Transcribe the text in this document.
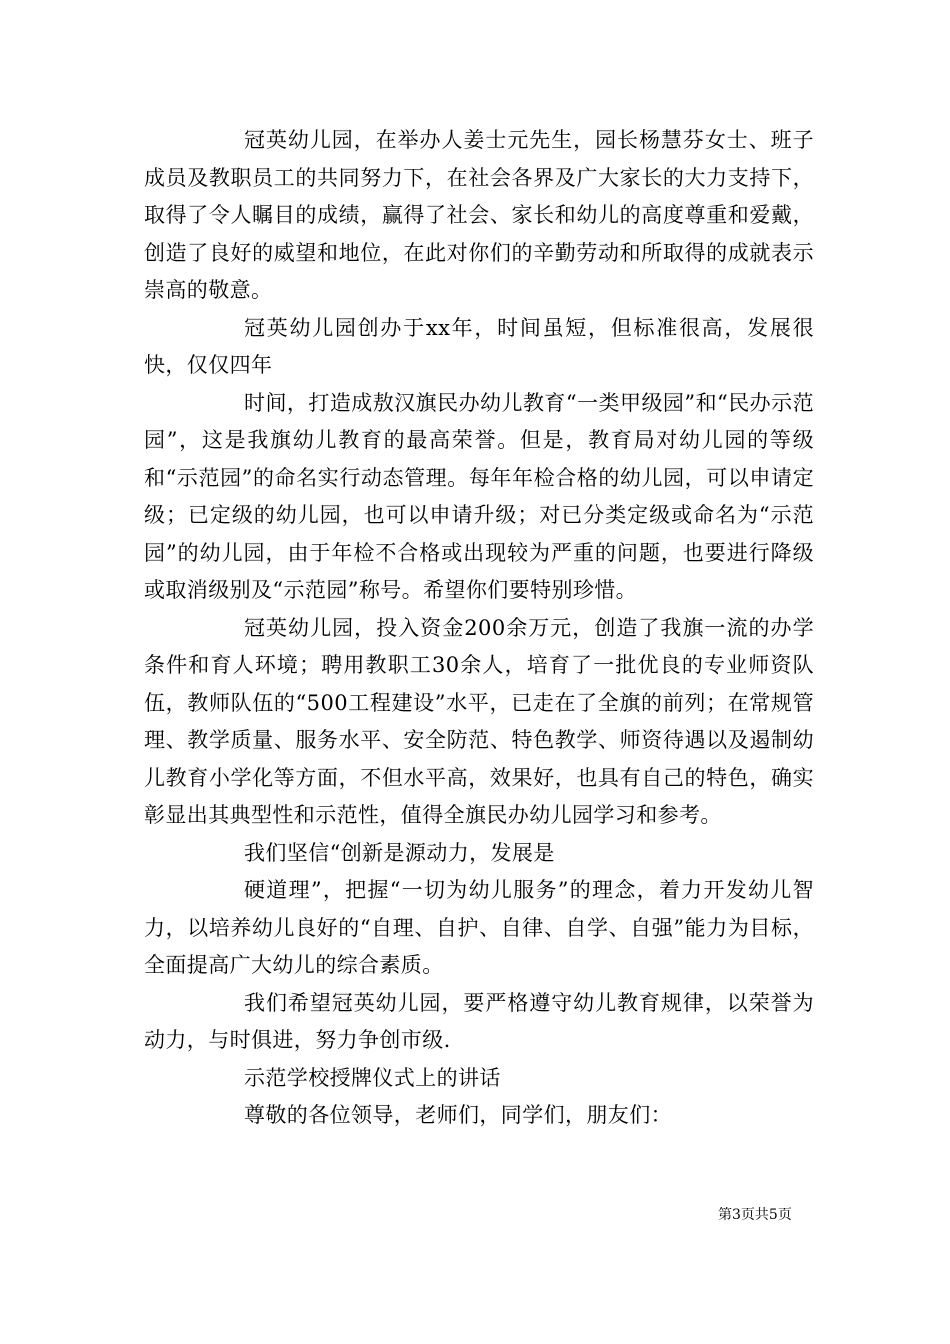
冠英幼儿园，在举办人姜士元先生，园长杨慧芬女士、班子成员及教职员工的共同努力下，在社会各界及广大家长的大力支持下，取得了令人瞩目的成绩，赢得了社会、家长和幼儿的高度尊重和爱戴，创造了良好的威望和地位，在此对你们的辛勤劳动和所取得的成就表示崇高的敬意。

冠英幼儿园创办于xx年，时间虽短，但标准很高，发展很快，仅仅四年

时间，打造成敖汉旗民办幼儿教育“一类甲级园”和“民办示范园”，这是我旗幼儿教育的最高荣誉。但是，教育局对幼儿园的等级和“示范园”的命名实行动态管理。每年年检合格的幼儿园，可以申请定级；已定级的幼儿园，也可以申请升级；对已分类定级或命名为“示范园”的幼儿园，由于年检不合格或出现较为严重的问题，也要进行降级或取消级别及“示范园”称号。希望你们要特别珍惜。

冠英幼儿园，投入资金200余万元，创造了我旗一流的办学条件和育人环境；聘用教职工30余人，培育了一批优良的专业师资队伍，教师队伍的“500工程建设”水平，已走在了全旗的前列；在常规管理、教学质量、服务水平、安全防范、特色教学、师资待遇以及遏制幼儿教育小学化等方面，不但水平高，效果好，也具有自己的特色，确实彰显出其典型性和示范性，值得全旗民办幼儿园学习和参考。

我们坚信“创新是源动力，发展是

硬道理”，把握“一切为幼儿服务”的理念，着力开发幼儿智力，以培养幼儿良好的“自理、自护、自律、自学、自强”能力为目标，全面提高广大幼儿的综合素质。

我们希望冠英幼儿园，要严格遵守幼儿教育规律，以荣誉为动力，与时俱进，努力争创市级.

示范学校授牌仪式上的讲话

尊敬的各位领导，老师们，同学们，朋友们：

第3页共5页
